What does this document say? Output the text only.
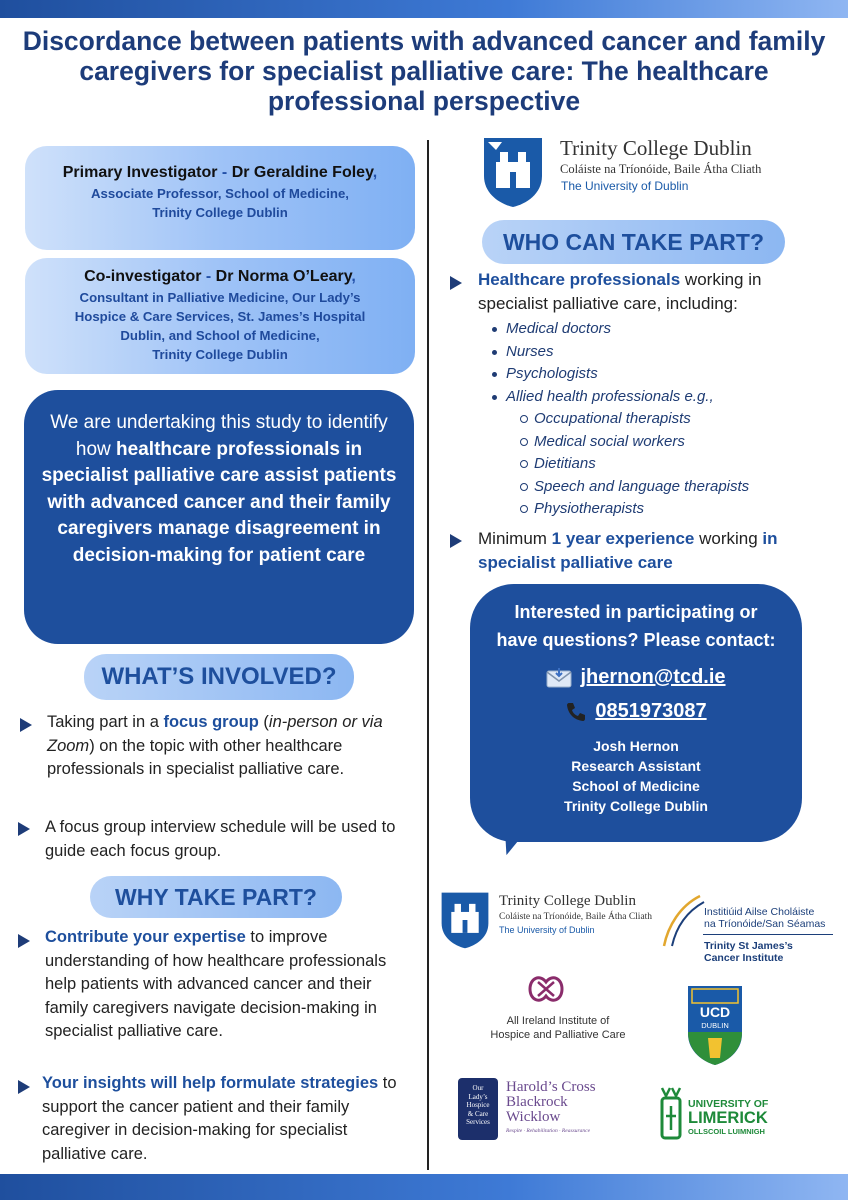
Discordance between patients with advanced cancer and family
caregivers for specialist palliative care: The healthcare
professional perspective
Primary Investigator - Dr Geraldine Foley,
Associate Professor, School of Medicine,
Trinity College Dublin
Co-investigator - Dr Norma O’Leary,
Consultant in Palliative Medicine, Our Lady’s
Hospice & Care Services, St. James’s Hospital
Dublin, and School of Medicine,
Trinity College Dublin
We are undertaking this study to identify how healthcare professionals in specialist palliative care assist patients with advanced cancer and their family caregivers manage disagreement in decision-making for patient care
WHAT’S INVOLVED?
Taking part in a focus group (in-person or via Zoom) on the topic with other healthcare professionals in specialist palliative care.
A focus group interview schedule will be used to guide each focus group.
WHY TAKE PART?
Contribute your expertise to improve understanding of how healthcare professionals help patients with advanced cancer and their family caregivers navigate decision-making in specialist palliative care.
Your insights will help formulate strategies to support the cancer patient and their family caregiver in decision-making for specialist palliative care.
Trinity College Dublin
Coláiste na Tríonóide, Baile Átha Cliath
The University of Dublin
WHO CAN TAKE PART?
Healthcare professionals working in specialist palliative care, including:
Medical doctors
Nurses
Psychologists
Allied health professionals e.g.,
Occupational therapists
Medical social workers
Dietitians
Speech and language therapists
Physiotherapists
Minimum 1 year experience working in specialist palliative care
Interested in participating or
have questions? Please contact:
jhernon@tcd.ie
0851973087
Josh Hernon
Research Assistant
School of Medicine
Trinity College Dublin
Trinity College Dublin
Coláiste na Tríonóide, Baile Átha Cliath
The University of Dublin
Institiúid Ailse Choláiste
na Tríonóide/San Séamas
Trinity St James’s
Cancer Institute
All Ireland Institute of
Hospice and Palliative Care
UCD
DUBLIN
Our
Lady’s
Hospice
& Care
Services
Harold’s Cross
Blackrock
Wicklow
Respite · Rehabilitation · Reassurance
UNIVERSITY OF
LIMERICK
OLLSCOIL LUIMNIGH
